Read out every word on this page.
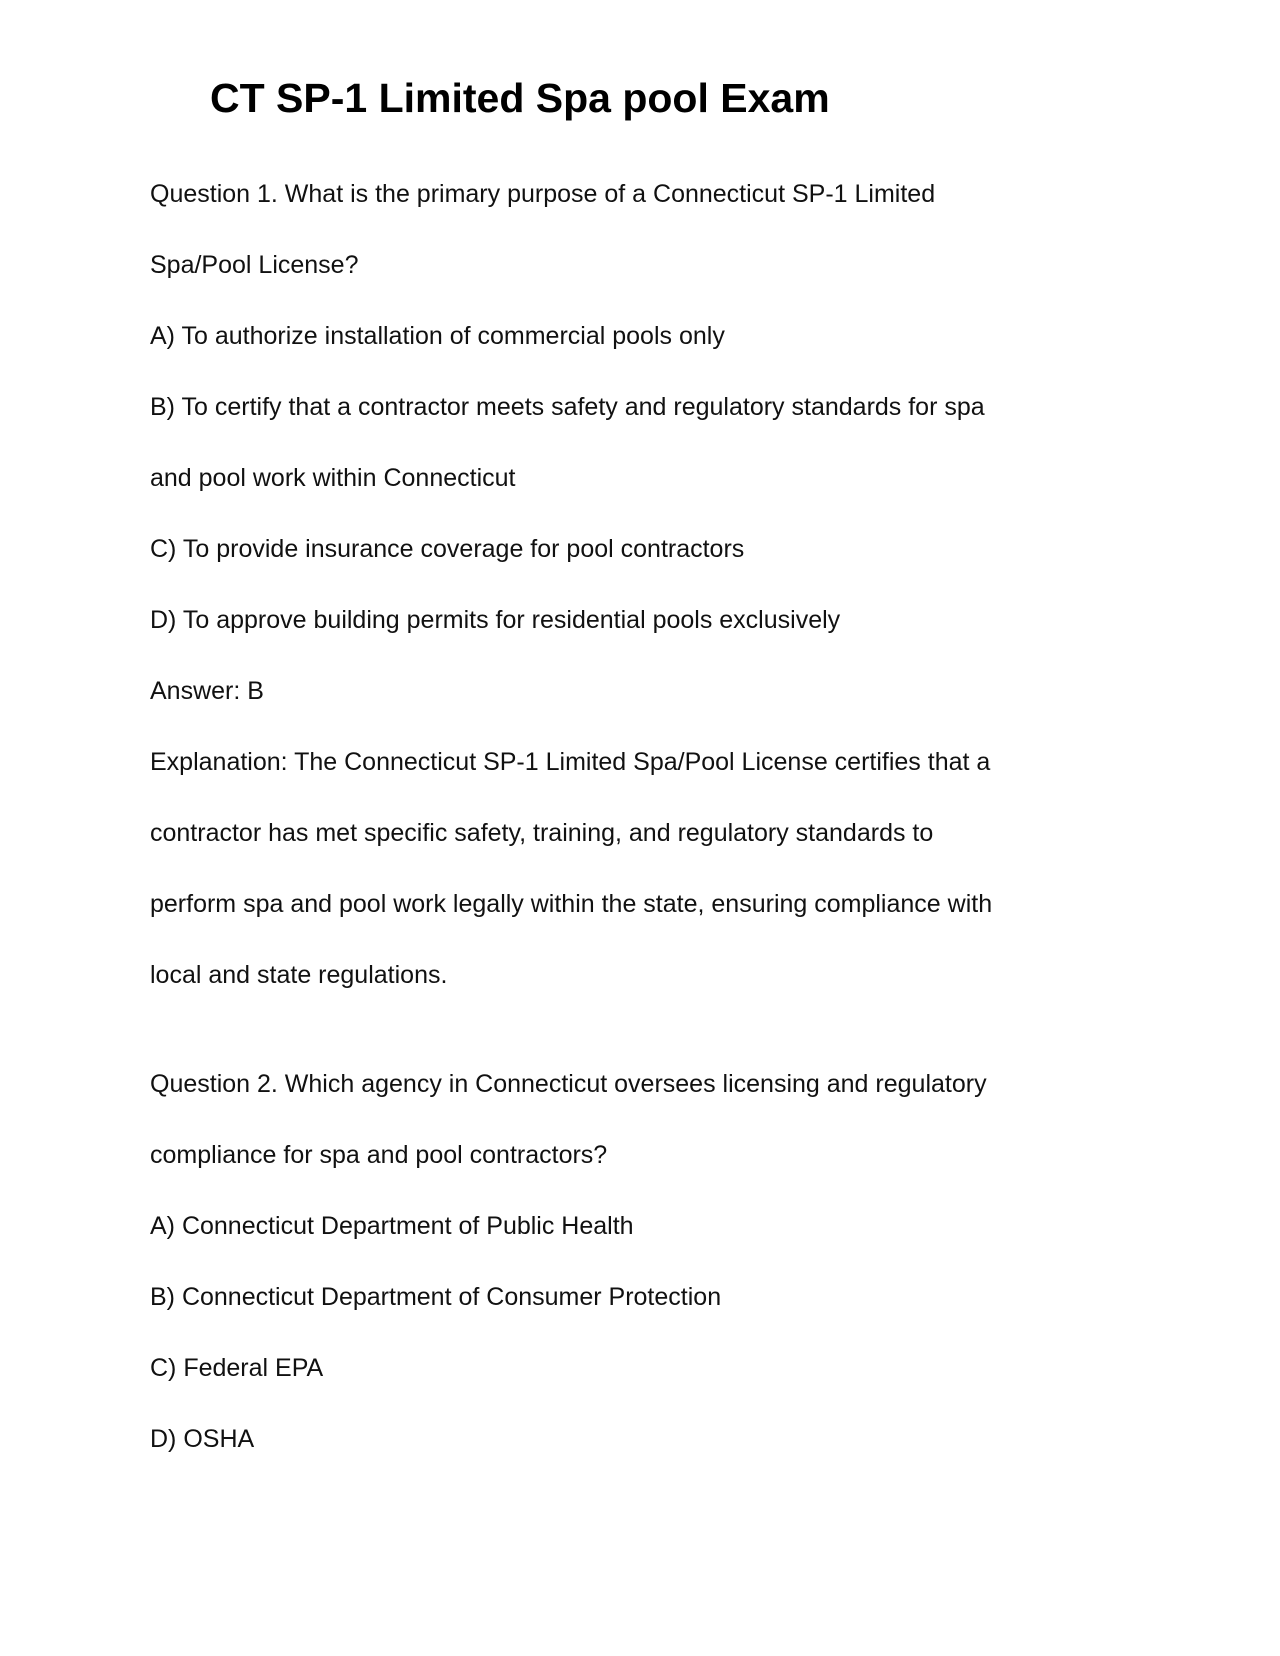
CT SP-1 Limited Spa pool Exam

Question 1. What is the primary purpose of a Connecticut SP-1 Limited

Spa/Pool License?

A) To authorize installation of commercial pools only

B) To certify that a contractor meets safety and regulatory standards for spa

and pool work within Connecticut

C) To provide insurance coverage for pool contractors

D) To approve building permits for residential pools exclusively

Answer: B

Explanation: The Connecticut SP-1 Limited Spa/Pool License certifies that a

contractor has met specific safety, training, and regulatory standards to

perform spa and pool work legally within the state, ensuring compliance with

local and state regulations.

Question 2. Which agency in Connecticut oversees licensing and regulatory

compliance for spa and pool contractors?

A) Connecticut Department of Public Health

B) Connecticut Department of Consumer Protection

C) Federal EPA

D) OSHA
